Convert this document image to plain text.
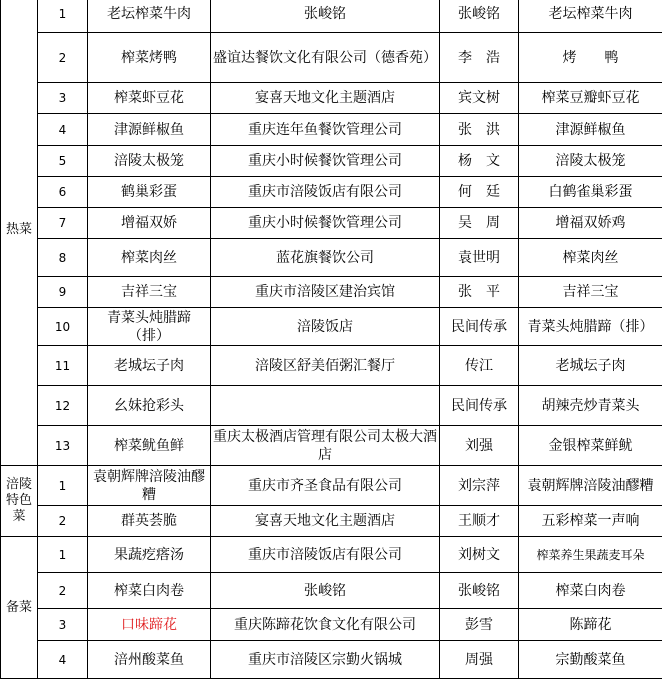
热菜	1	老坛榨菜牛肉	张峻铭	张峻铭	老坛榨菜牛肉
	2	榨菜烤鸭	盛谊达餐饮文化有限公司（德香苑）	李　浩	烤　　鸭
	3	榨菜虾豆花	宴喜天地文化主题酒店	宾文树	榨菜豆瓣虾豆花
	4	津源鲜椒鱼	重庆连年鱼餐饮管理公司	张　洪	津源鲜椒鱼
	5	涪陵太极笼	重庆小时候餐饮管理公司	杨　文	涪陵太极笼
	6	鹤巢彩蛋	重庆市涪陵饭店有限公司	何　廷	白鹤雀巢彩蛋
	7	增福双娇	重庆小时候餐饮管理公司	吴　周	增福双娇鸡
	8	榨菜肉丝	蓝花旗餐饮公司	袁世明	榨菜肉丝
	9	吉祥三宝	重庆市涪陵区建治宾馆	张　平	吉祥三宝
	10	青菜头炖腊蹄（排）	涪陵饭店	民间传承	青菜头炖腊蹄（排）
	11	老城坛子肉	涪陵区舒美佰粥汇餐厅	传江	老城坛子肉
	12	幺妹抢彩头		民间传承	胡辣壳炒青菜头
	13	榨菜鱿鱼鲜	重庆太极酒店管理有限公司太极大酒店	刘强	金银榨菜鲜鱿
涪陵特色菜	1	袁朝辉牌涪陵油醪糟	重庆市齐圣食品有限公司	刘宗萍	袁朝辉牌涪陵油醪糟
	2	群英荟脆	宴喜天地文化主题酒店	王顺才	五彩榨菜一声响
备菜	1	果蔬疙瘩汤	重庆市涪陵饭店有限公司	刘树文	榨菜养生果蔬麦耳朵
	2	榨菜白肉卷	张峻铭	张峻铭	榨菜白肉卷
	3	口味蹄花	重庆陈蹄花饮食文化有限公司	彭雪	陈蹄花
	4	涪州酸菜鱼	重庆市涪陵区宗勤火锅城	周强	宗勤酸菜鱼
